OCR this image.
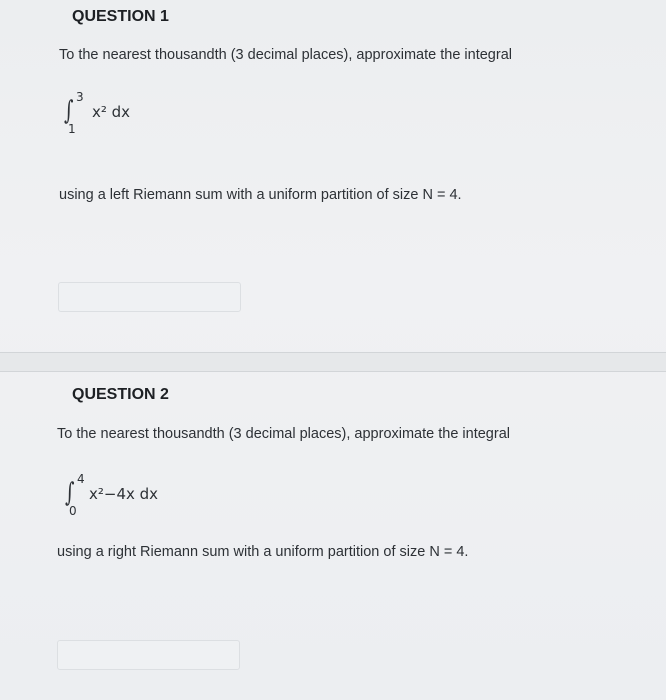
QUESTION 1

To the nearest thousandth (3 decimal places), approximate the integral

∫ 3
1
x² dx

using a left Riemann sum with a uniform partition of size N = 4.

QUESTION 2

To the nearest thousandth (3 decimal places), approximate the integral

∫ 4
0
x²−4x dx

using a right Riemann sum with a uniform partition of size N = 4.
